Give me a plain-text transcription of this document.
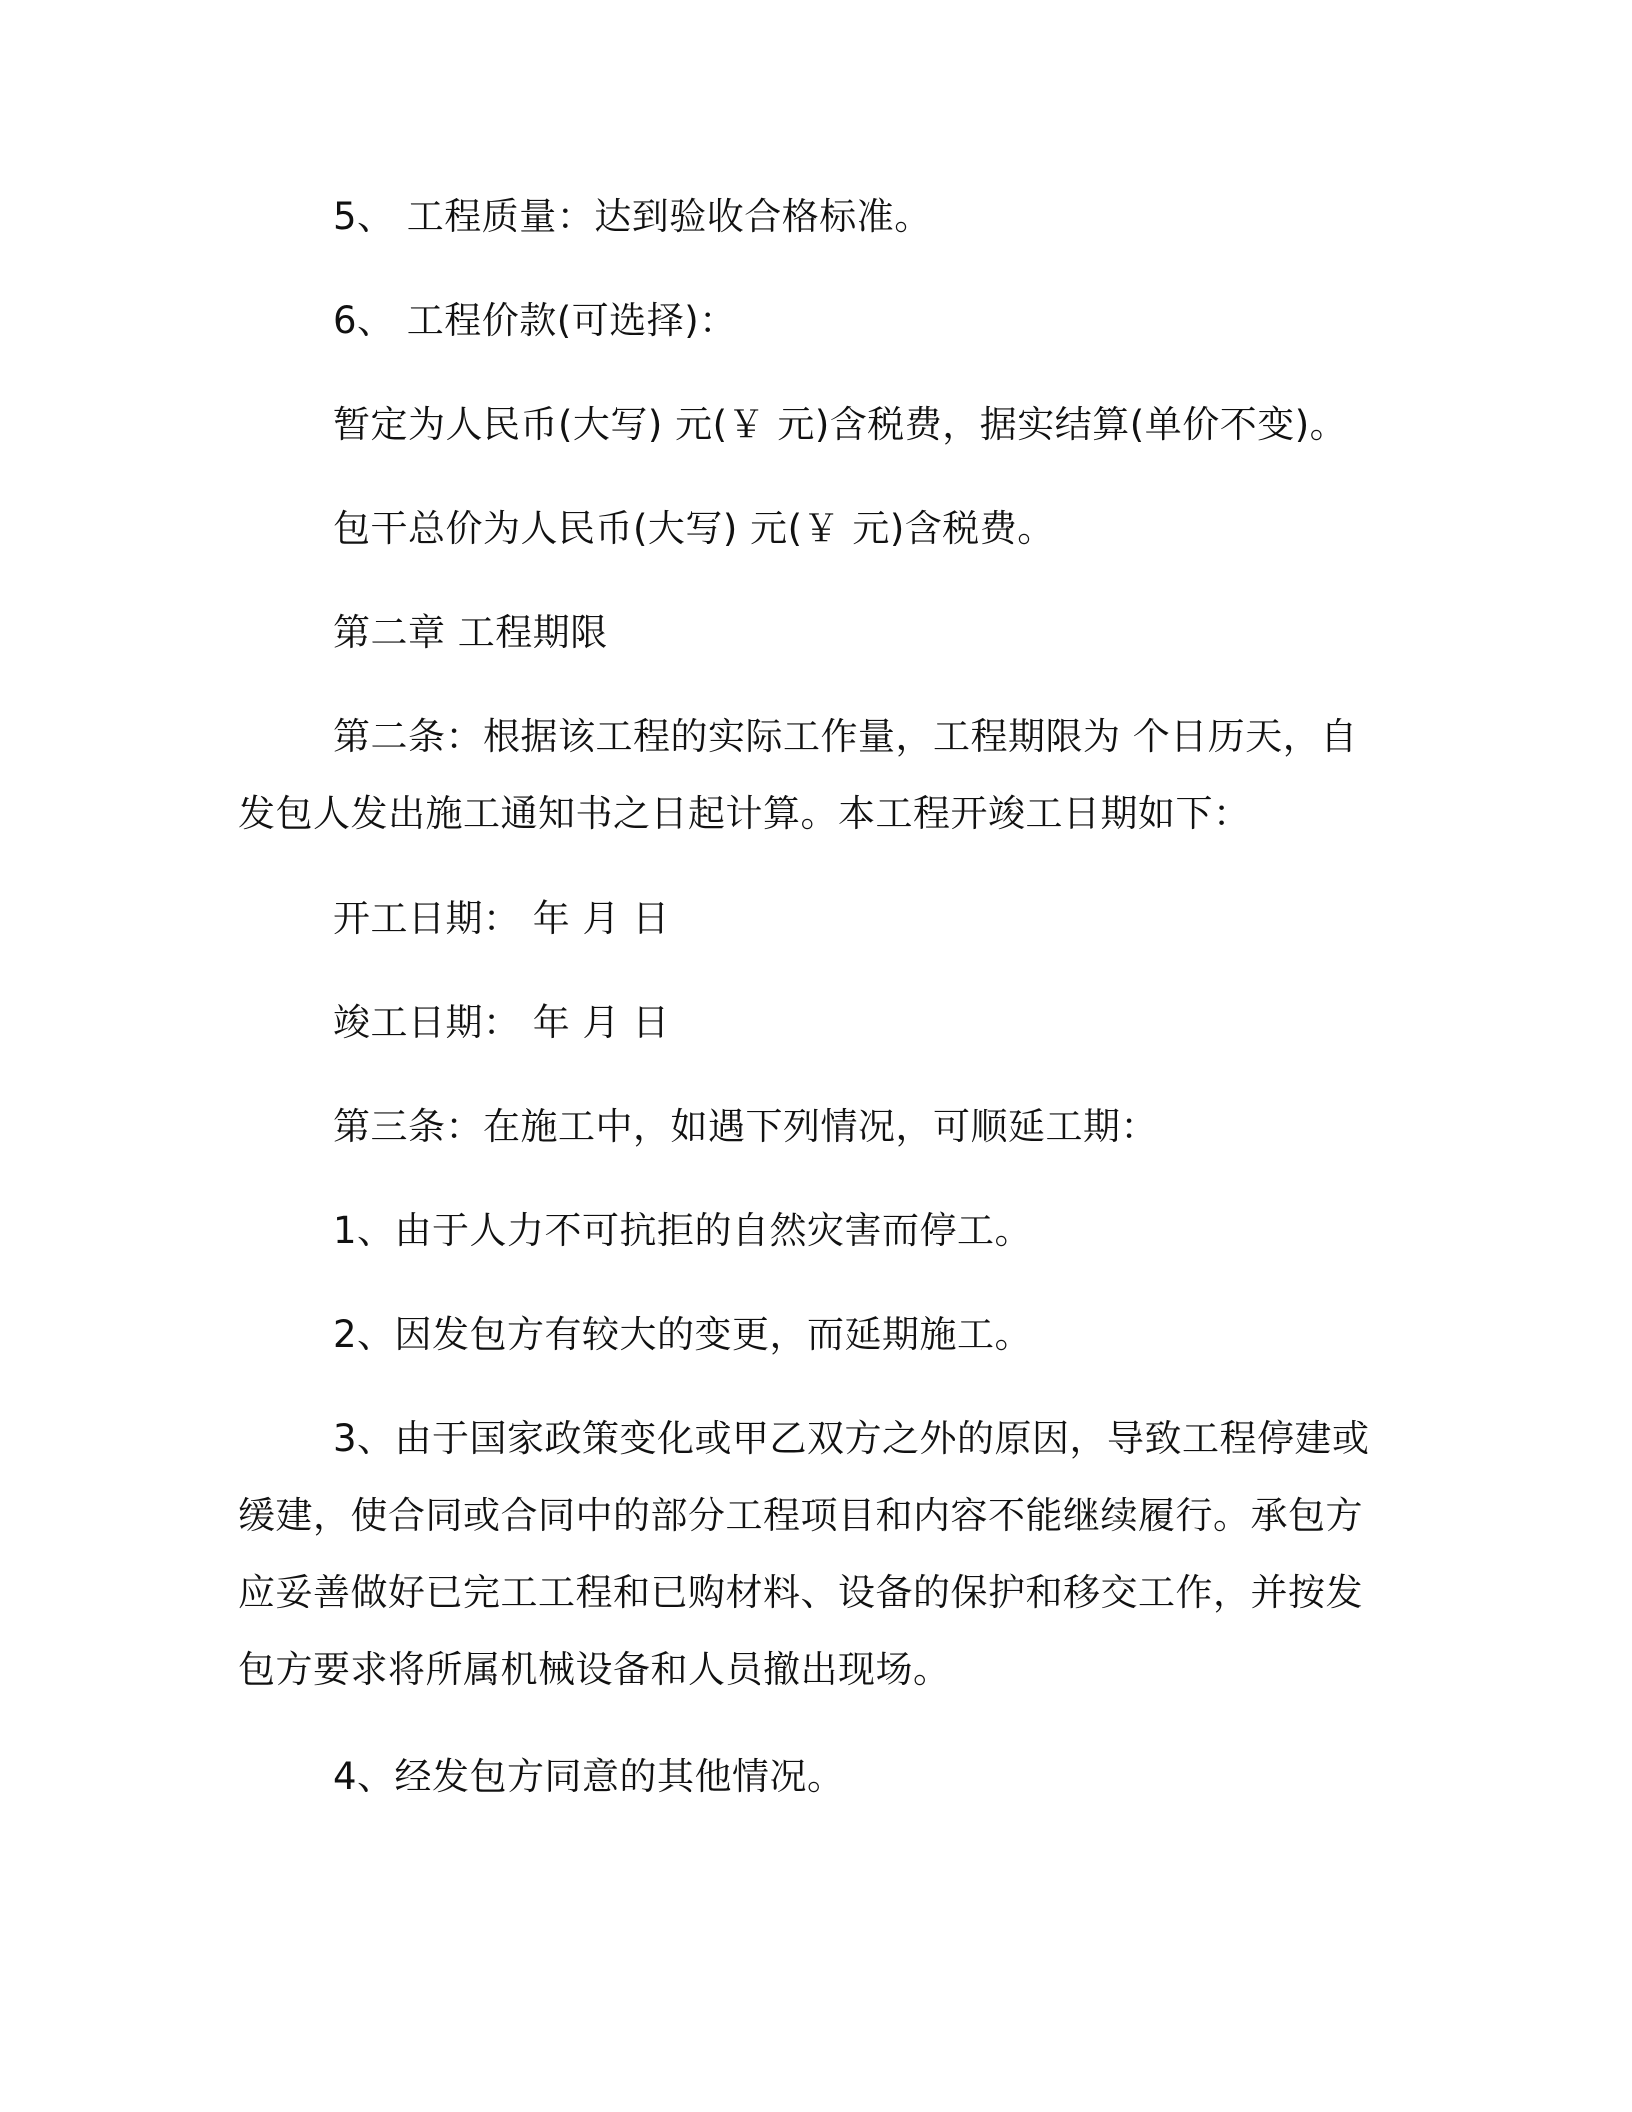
5、 工程质量：达到验收合格标准。

6、 工程价款(可选择)：

暂定为人民币(大写) 元(￥ 元)含税费，据实结算(单价不变)。

包干总价为人民币(大写) 元(￥ 元)含税费。

第二章 工程期限

第二条：根据该工程的实际工作量，工程期限为 个日历天，自发包人发出施工通知书之日起计算。本工程开竣工日期如下：

开工日期： 年 月 日

竣工日期： 年 月 日

第三条：在施工中，如遇下列情况，可顺延工期：

1、由于人力不可抗拒的自然灾害而停工。

2、因发包方有较大的变更，而延期施工。

3、由于国家政策变化或甲乙双方之外的原因，导致工程停建或缓建，使合同或合同中的部分工程项目和内容不能继续履行。承包方应妥善做好已完工工程和已购材料、设备的保护和移交工作，并按发包方要求将所属机械设备和人员撤出现场。

4、经发包方同意的其他情况。
